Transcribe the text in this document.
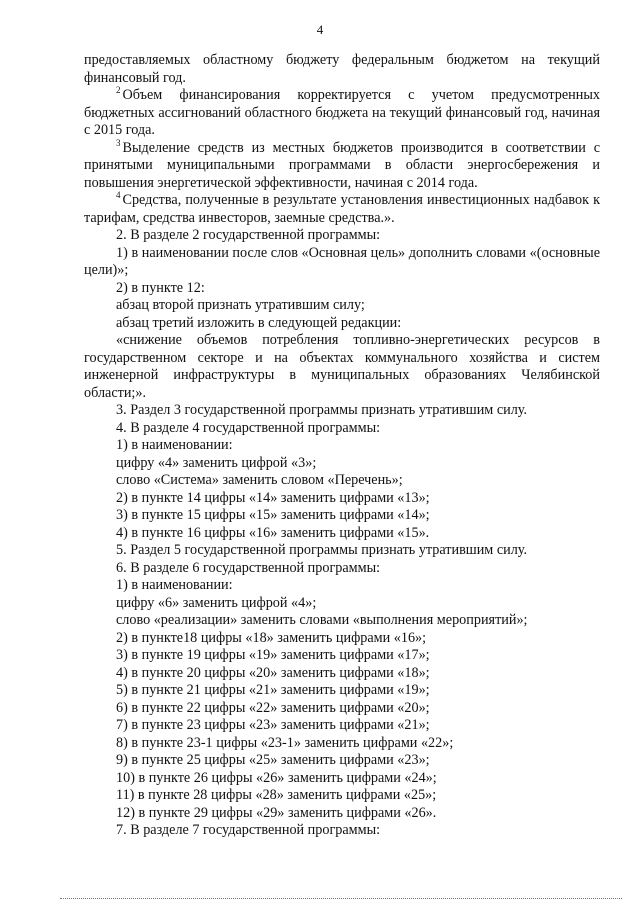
4

предоставляемых областному бюджету федеральным бюджетом на текущий финансовый год.

$^2$ Объем финансирования корректируется с учетом предусмотренных бюджетных ассигнований областного бюджета на текущий финансовый год, начиная с 2015 года.

$^3$ Выделение средств из местных бюджетов производится в соответствии с принятыми муниципальными программами в области энергосбережения и повышения энергетической эффективности, начиная с 2014 года.

$^4$ Средства, полученные в результате установления инвестиционных надбавок к тарифам, средства инвесторов, заемные средства.».

2. В разделе 2 государственной программы:

1) в наименовании после слов «Основная цель» дополнить словами «(основные цели)»;

2) в пункте 12:

абзац второй признать утратившим силу;

абзац третий изложить в следующей редакции:

«снижение объемов потребления топливно-энергетических ресурсов в государственном секторе и на объектах коммунального хозяйства и систем инженерной инфраструктуры в муниципальных образованиях Челябинской области;».

3. Раздел 3 государственной программы признать утратившим силу.

4. В разделе 4 государственной программы:

1) в наименовании:

цифру «4» заменить цифрой «3»;

слово «Система» заменить словом «Перечень»;

2) в пункте 14 цифры «14» заменить цифрами «13»;

3) в пункте 15 цифры «15» заменить цифрами «14»;

4) в пункте 16 цифры «16» заменить цифрами «15».

5. Раздел 5 государственной программы признать утратившим силу.

6. В разделе 6 государственной программы:

1) в наименовании:

цифру «6» заменить цифрой «4»;

слово «реализации» заменить словами «выполнения мероприятий»;

2) в пункте18 цифры «18» заменить цифрами «16»;

3) в пункте 19 цифры «19» заменить цифрами «17»;

4) в пункте 20 цифры «20» заменить цифрами «18»;

5) в пункте 21 цифры «21» заменить цифрами «19»;

6) в пункте 22 цифры «22» заменить цифрами «20»;

7) в пункте 23 цифры «23» заменить цифрами «21»;

8) в пункте 23-1 цифры «23-1» заменить цифрами «22»;

9) в пункте 25 цифры «25» заменить цифрами «23»;

10) в пункте 26 цифры «26» заменить цифрами «24»;

11) в пункте 28 цифры «28» заменить цифрами «25»;

12) в пункте 29 цифры «29» заменить цифрами «26».

7. В разделе 7 государственной программы:
